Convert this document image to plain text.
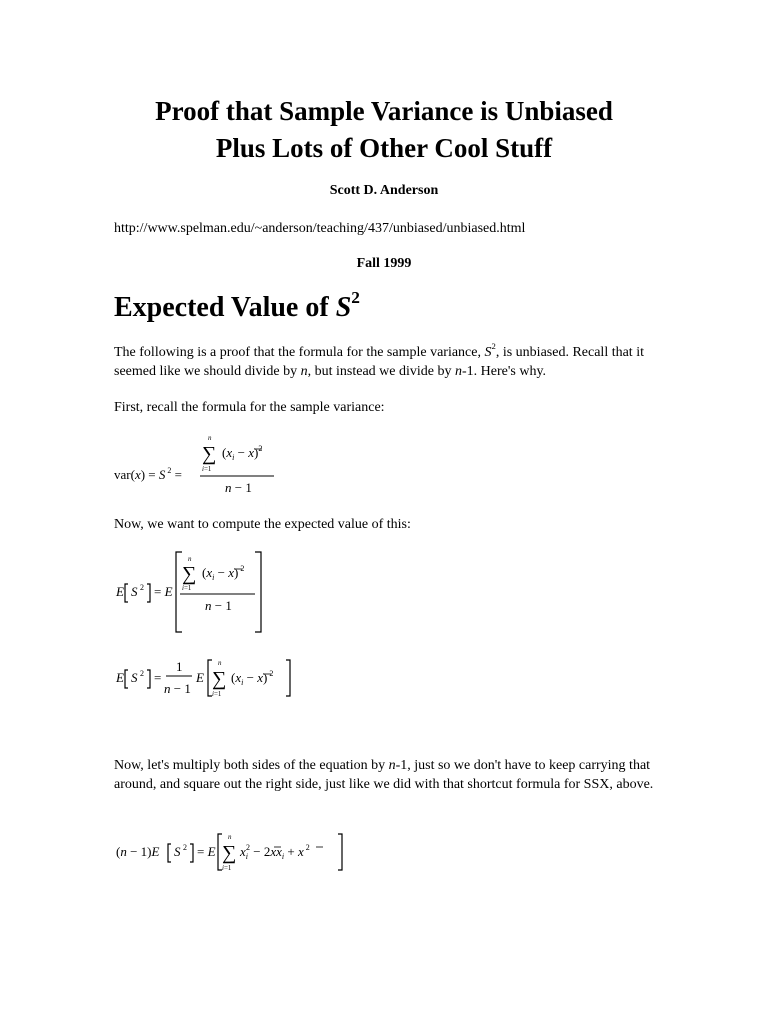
Proof that Sample Variance is Unbiased
Plus Lots of Other Cool Stuff
Scott D. Anderson
http://www.spelman.edu/~anderson/teaching/437/unbiased/unbiased.html
Fall 1999
Expected Value of $S^2$
The following is a proof that the formula for the sample variance, $S^2$, is unbiased. Recall that it seemed like we should divide by n, but instead we divide by n-1. Here's why.
First, recall the formula for the sample variance:
var(x) = S $^2$ =
n
∑
i=1
$(x_i - x)^2$
n − 1
Now, we want to compute the expected value of this:
E S 2 = E
n
∑
i=1
$(x_i - x)$ $^2$
n − 1
E S 2 =
1
n − 1
E
n
∑
i=1
$(x_i - x)$ $^2$
Now, let's multiply both sides of the equation by n-1, just so we don't have to keep carrying that around, and square out the right side, just like we did with that shortcut formula for SSX, above.
(n − 1)E S 2 = E
n
∑
i=1
$x_i2 - 2xx_i + x$ $^2$
